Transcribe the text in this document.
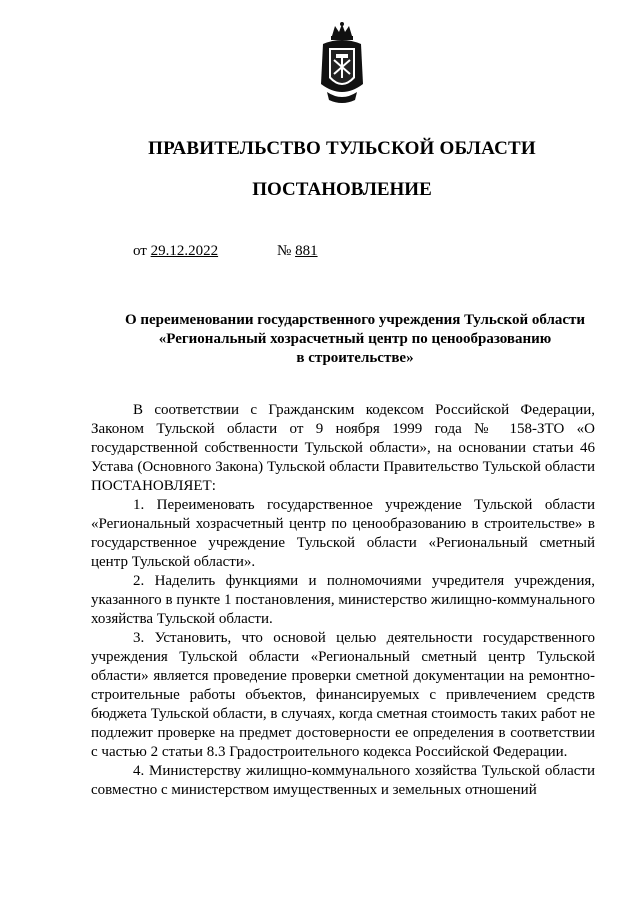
ПРАВИТЕЛЬСТВО ТУЛЬСКОЙ ОБЛАСТИ
ПОСТАНОВЛЕНИЕ
от 29.12.2022	№ 881
О переименовании государственного учреждения Тульской области
«Региональный хозрасчетный центр по ценообразованию
в строительстве»

В соответствии с Гражданским кодексом Российской Федерации, Законом Тульской области от 9 ноября 1999 года № 158-ЗТО «О государственной собственности Тульской области», на основании статьи 46 Устава (Основного Закона) Тульской области Правительство Тульской области ПОСТАНОВЛЯЕТ:

1. Переименовать государственное учреждение Тульской области «Региональный хозрасчетный центр по ценообразованию в строительстве» в государственное учреждение Тульской области «Региональный сметный центр Тульской области».

2. Наделить функциями и полномочиями учредителя учреждения, указанного в пункте 1 постановления, министерство жилищно-коммунального хозяйства Тульской области.

3. Установить, что основой целью деятельности государственного учреждения Тульской области «Региональный сметный центр Тульской области» является проведение проверки сметной документации на ремонтно-строительные работы объектов, финансируемых с привлечением средств бюджета Тульской области, в случаях, когда сметная стоимость таких работ не подлежит проверке на предмет достоверности ее определения в соответствии с частью 2 статьи 8.3 Градостроительного кодекса Российской Федерации.

4. Министерству жилищно-коммунального хозяйства Тульской области совместно с министерством имущественных и земельных отношений
